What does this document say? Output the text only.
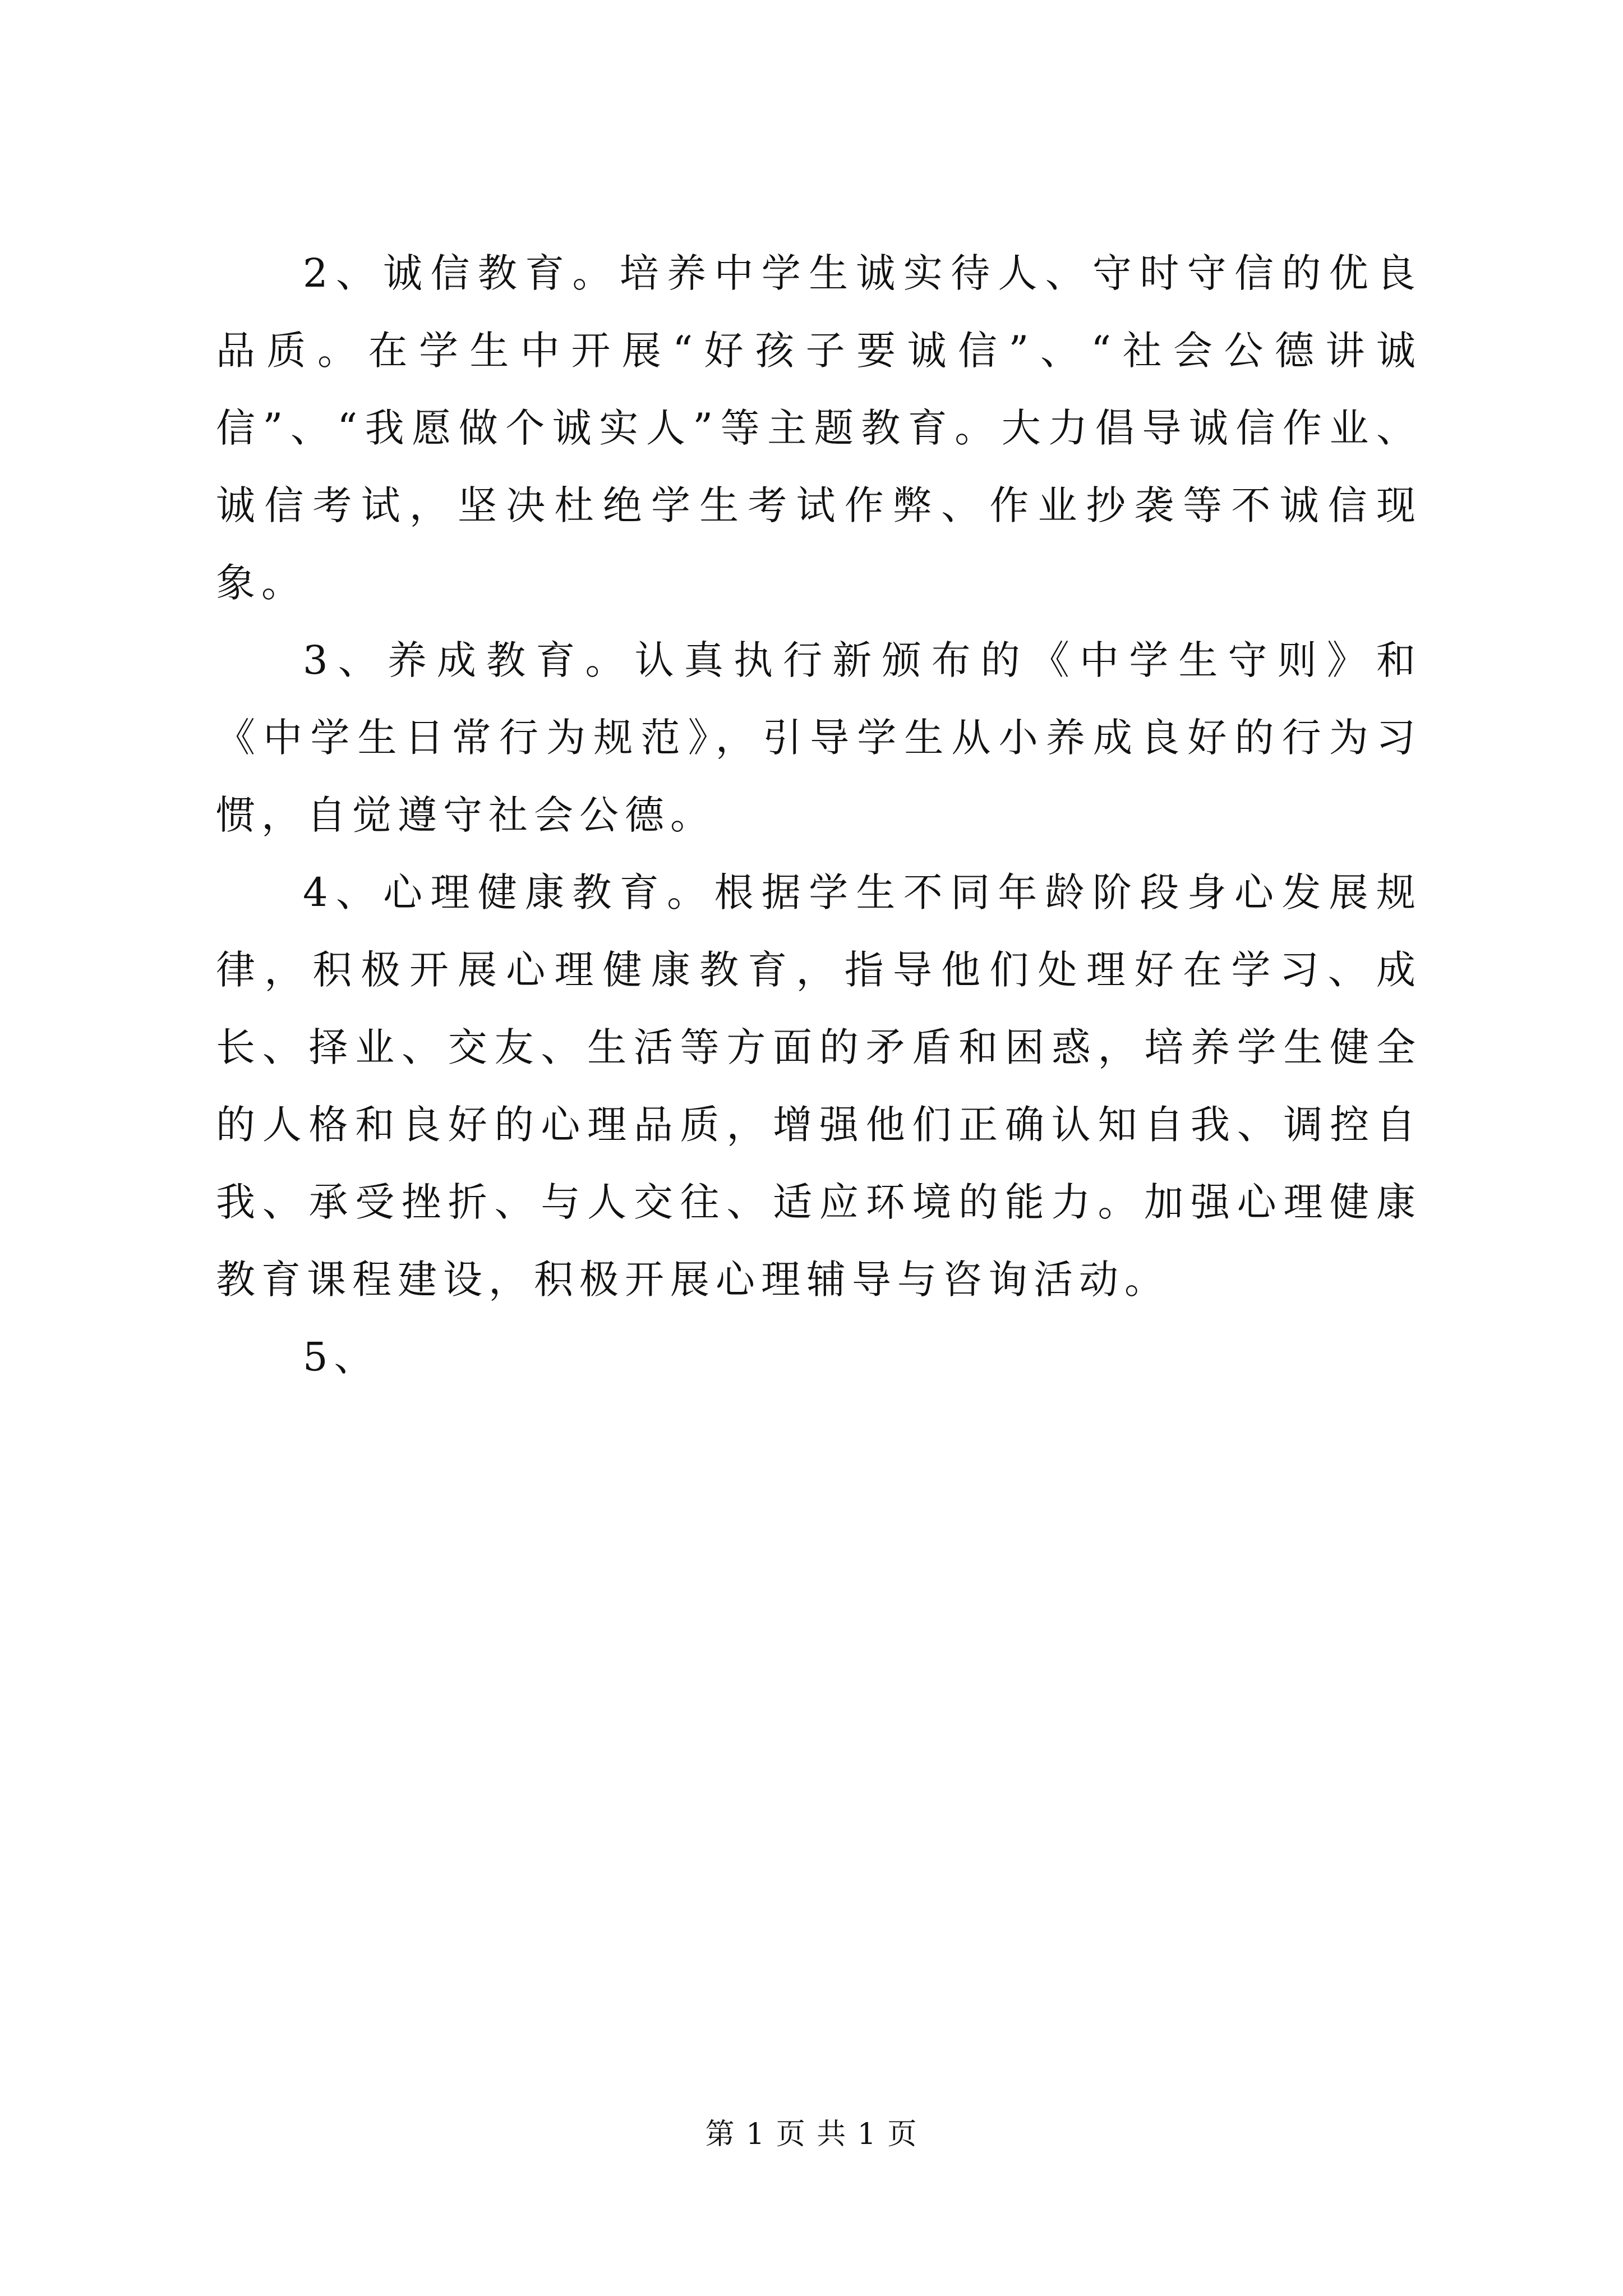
2、诚信教育。培养中学生诚实待人、守时守信的优良品质。在学生中开展“好孩子要诚信”、“社会公德讲诚信”、“我愿做个诚实人”等主题教育。大力倡导诚信作业、诚信考试，坚决杜绝学生考试作弊、作业抄袭等不诚信现象。

3、养成教育。认真执行新颁布的《中学生守则》和《中学生日常行为规范》，引导学生从小养成良好的行为习惯，自觉遵守社会公德。

4、心理健康教育。根据学生不同年龄阶段身心发展规律，积极开展心理健康教育，指导他们处理好在学习、成长、择业、交友、生活等方面的矛盾和困惑，培养学生健全的人格和良好的心理品质，增强他们正确认知自我、调控自我、承受挫折、与人交往、适应环境的能力。加强心理健康教育课程建设，积极开展心理辅导与咨询活动。

5、

第 1 页 共 1 页
